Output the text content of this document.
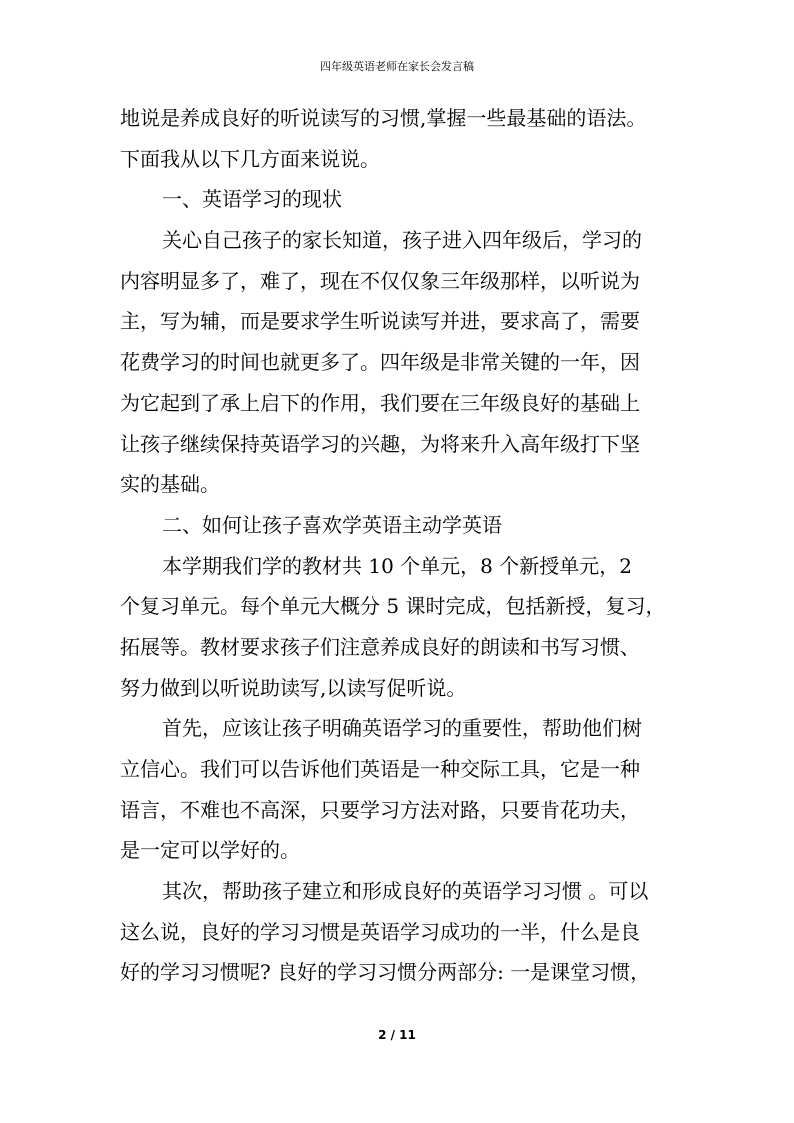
四年级英语老师在家长会发言稿
地说是养成良好的听说读写的习惯,掌握一些最基础的语法。
下面我从以下几方面来说说。
一、英语学习的现状
关心自己孩子的家长知道，孩子进入四年级后，学习的
内容明显多了，难了，现在不仅仅象三年级那样，以听说为
主，写为辅，而是要求学生听说读写并进，要求高了，需要
花费学习的时间也就更多了。四年级是非常关键的一年，因
为它起到了承上启下的作用，我们要在三年级良好的基础上
让孩子继续保持英语学习的兴趣，为将来升入高年级打下坚
实的基础。
二、如何让孩子喜欢学英语主动学英语
本学期我们学的教材共 10 个单元，8 个新授单元，2
个复习单元。每个单元大概分 5 课时完成，包括新授，复习，
拓展等。教材要求孩子们注意养成良好的朗读和书写习惯、
努力做到以听说助读写,以读写促听说。
首先，应该让孩子明确英语学习的重要性，帮助他们树
立信心。我们可以告诉他们英语是一种交际工具，它是一种
语言，不难也不高深，只要学习方法对路，只要肯花功夫，
是一定可以学好的。
其次，帮助孩子建立和形成良好的英语学习习惯 。可以
这么说，良好的学习习惯是英语学习成功的一半，什么是良
好的学习习惯呢? 良好的学习习惯分两部分: 一是课堂习惯，
2 / 11
